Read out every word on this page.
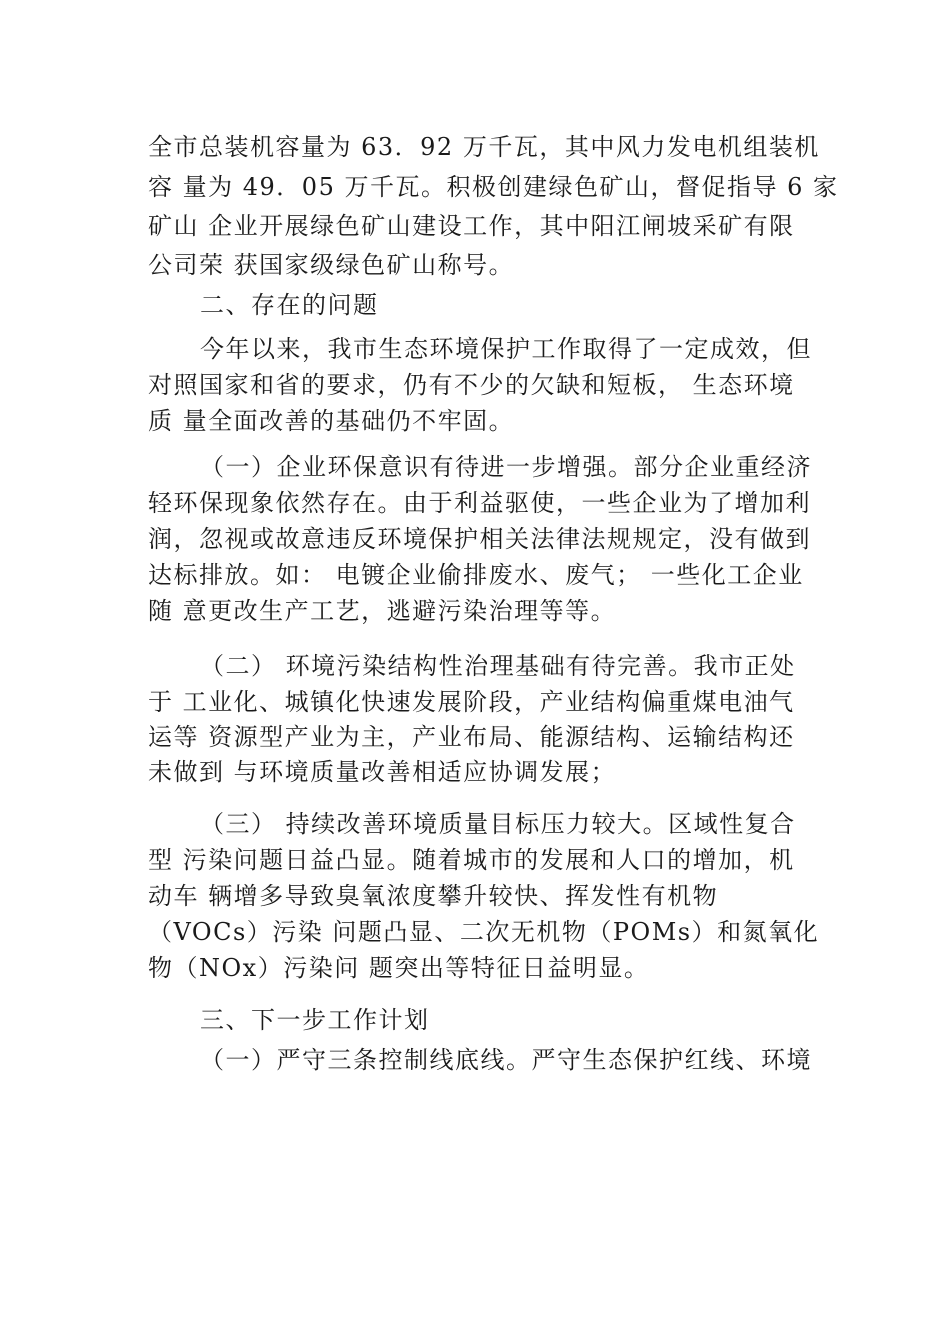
全市总装机容量为 63．92 万千瓦，其中风力发电机组装机
容 量为 49．05 万千瓦。积极创建绿色矿山，督促指导 6 家
矿山 企业开展绿色矿山建设工作，其中阳江闸坡采矿有限
公司荣 获国家级绿色矿山称号。
二、存在的问题
今年以来，我市生态环境保护工作取得了一定成效，但
对照国家和省的要求，仍有不少的欠缺和短板， 生态环境
质 量全面改善的基础仍不牢固。
（一）企业环保意识有待进一步增强。部分企业重经济
轻环保现象依然存在。由于利益驱使，一些企业为了增加利
润，忽视或故意违反环境保护相关法律法规规定，没有做到
达标排放。如： 电镀企业偷排废水、废气； 一些化工企业
随 意更改生产工艺，逃避污染治理等等。
（二） 环境污染结构性治理基础有待完善。我市正处
于 工业化、城镇化快速发展阶段，产业结构偏重煤电油气
运等 资源型产业为主，产业布局、能源结构、运输结构还
未做到 与环境质量改善相适应协调发展；
（三） 持续改善环境质量目标压力较大。区域性复合
型 污染问题日益凸显。随着城市的发展和人口的增加，机
动车 辆增多导致臭氧浓度攀升较快、挥发性有机物
（VOCs）污染 问题凸显、二次无机物（POMs）和氮氧化
物（NOx）污染问 题突出等特征日益明显。
三、下一步工作计划
（一）严守三条控制线底线。严守生态保护红线、环境
